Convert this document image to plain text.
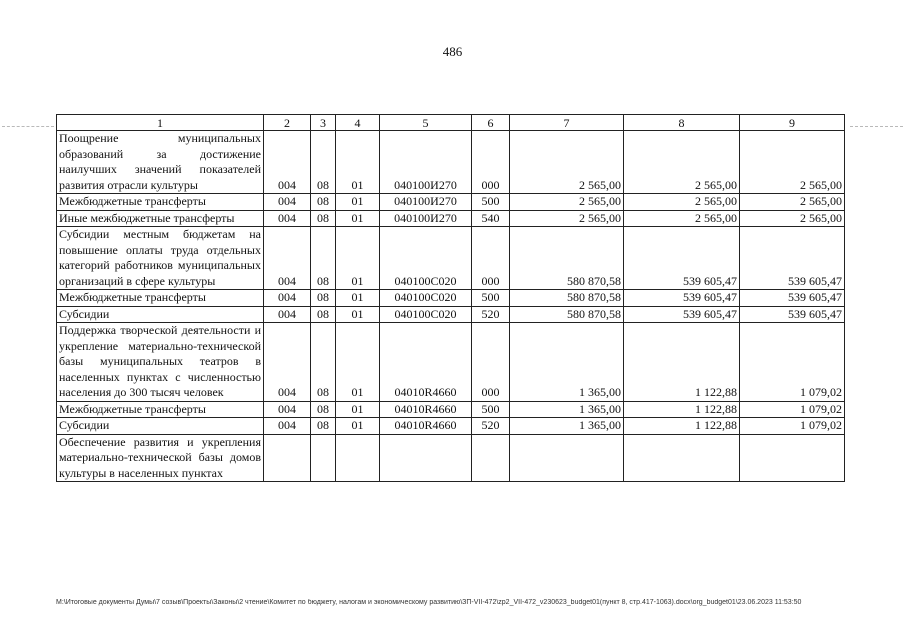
486
1	2	3	4	5	6	7	8	9
Поощрение муниципальных образований за достижение наилучших значений показателей развития отрасли культуры	004	08	01	040100И270	000	2 565,00	2 565,00	2 565,00
Межбюджетные трансферты	004	08	01	040100И270	500	2 565,00	2 565,00	2 565,00
Иные межбюджетные трансферты	004	08	01	040100И270	540	2 565,00	2 565,00	2 565,00
Субсидии местным бюджетам на повышение оплаты труда отдельных категорий работников муниципальных организаций в сфере культуры	004	08	01	040100С020	000	580 870,58	539 605,47	539 605,47
Межбюджетные трансферты	004	08	01	040100С020	500	580 870,58	539 605,47	539 605,47
Субсидии	004	08	01	040100С020	520	580 870,58	539 605,47	539 605,47
Поддержка творческой деятельности и укрепление материально-технической базы муниципальных театров в населенных пунктах с численностью населения до 300 тысяч человек	004	08	01	04010R4660	000	1 365,00	1 122,88	1 079,02
Межбюджетные трансферты	004	08	01	04010R4660	500	1 365,00	1 122,88	1 079,02
Субсидии	004	08	01	04010R4660	520	1 365,00	1 122,88	1 079,02
Обеспечение развития и укрепления материально-технической базы домов культуры в населенных пунктах								
M:\Итоговые документы Думы\7 созыв\Проекты\Законы\2 чтение\Комитет по бюджету, налогам и экономическому развитию\ЗП-VII-472\zp2_VII-472_v230623_budget01(пункт 8, стр.417-1063).docx\org_budget01\23.06.2023 11:53:50
